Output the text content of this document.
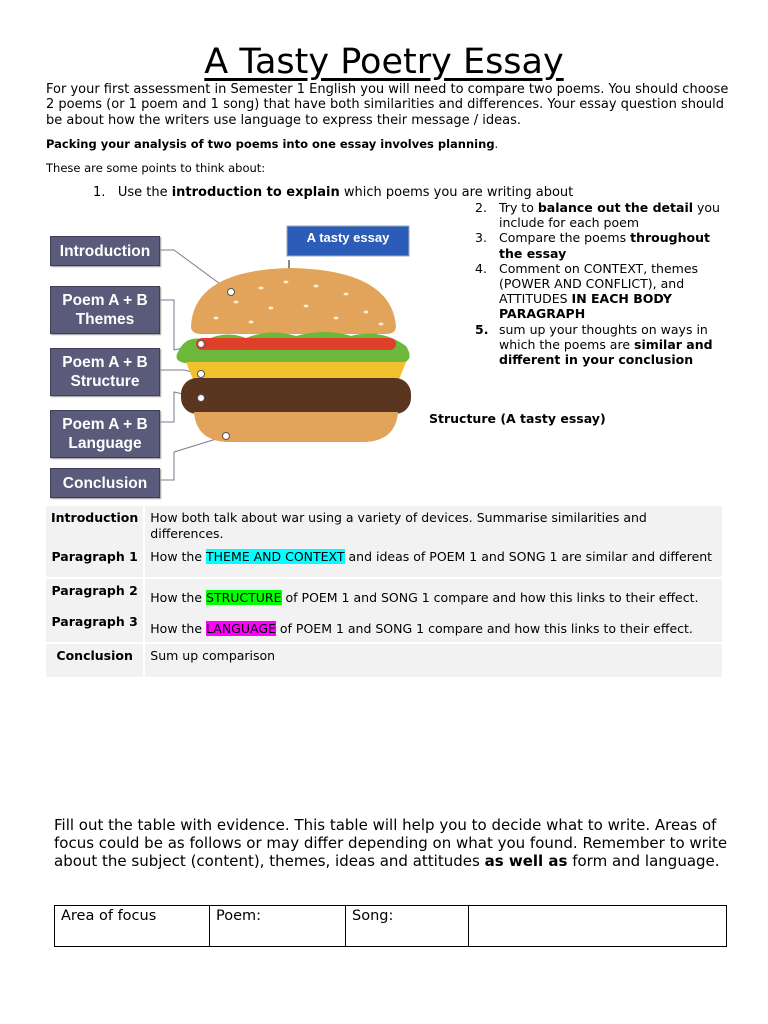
A Tasty Poetry Essay
For your first assessment in Semester 1 English you will need to compare two poems. You should choose 2 poems (or 1 poem and 1 song) that have both similarities and differences. Your essay question should be about how the writers use language to express their message / ideas.
Packing your analysis of two poems into one essay involves planning.
These are some points to think about:
1. Use the introduction to explain which poems you are writing about
2. Try to balance out the detail you include for each poem
3. Compare the poems throughout the essay
4. Comment on CONTEXT, themes (POWER AND CONFLICT), and ATTITUDES IN EACH BODY PARAGRAPH
5. sum up your thoughts on ways in which the poems are similar and different in your conclusion
A tasty essay
Introduction
Poem A + B
Themes
Poem A + B
Structure
Poem A + B
Language
Conclusion
Structure (A tasty essay)
Introduction	How both talk about war using a variety of devices. Summarise similarities and differences.
Paragraph 1	How the THEME AND CONTEXT and ideas of POEM 1 and SONG 1 are similar and different
Paragraph 2	How the STRUCTURE of POEM 1 and SONG 1 compare and how this links to their effect.
Paragraph 3	How the LANGUAGE of POEM 1 and SONG 1 compare and how this links to their effect.
Conclusion	Sum up comparison
Fill out the table with evidence. This table will help you to decide what to write. Areas of focus could be as follows or may differ depending on what you found. Remember to write about the subject (content), themes, ideas and attitudes as well as form and language.
Area of focus	Poem:	Song:	
